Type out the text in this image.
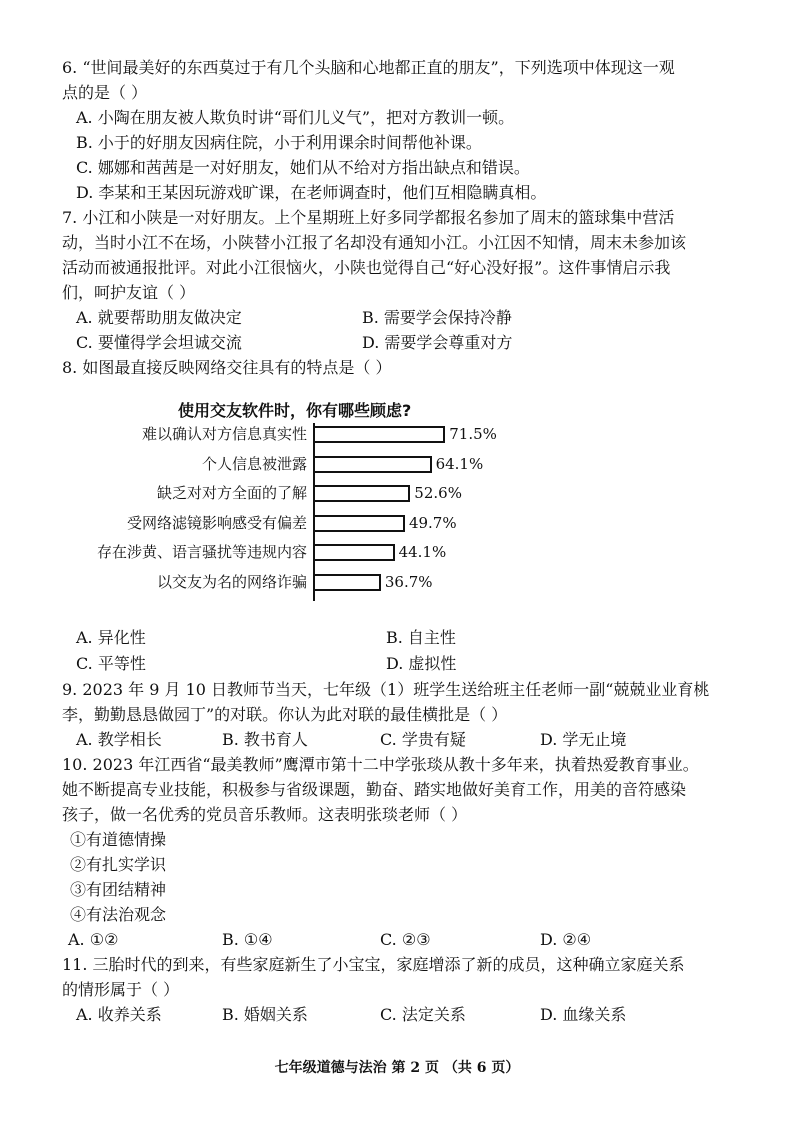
6. “世间最美好的东西莫过于有几个头脑和心地都正直的朋友”，下列选项中体现这一观
点的是（ ）
A. 小陶在朋友被人欺负时讲“哥们儿义气”，把对方教训一顿。
B. 小于的好朋友因病住院，小于利用课余时间帮他补课。
C. 娜娜和茜茜是一对好朋友，她们从不给对方指出缺点和错误。
D. 李某和王某因玩游戏旷课，在老师调查时，他们互相隐瞒真相。
7. 小江和小陕是一对好朋友。上个星期班上好多同学都报名参加了周末的篮球集中营活
动，当时小江不在场，小陕替小江报了名却没有通知小江。小江因不知情，周末未参加该
活动而被通报批评。对此小江很恼火，小陕也觉得自己“好心没好报”。这件事情启示我
们，呵护友谊（ ）
A. 就要帮助朋友做决定	B. 需要学会保持冷静
C. 要懂得学会坦诚交流	D. 需要学会尊重对方
8. 如图最直接反映网络交往具有的特点是（ ）
使用交友软件时，你有哪些顾虑?
难以确认对方信息真实性	71.5%
个人信息被泄露	64.1%
缺乏对对方全面的了解	52.6%
受网络滤镜影响感受有偏差	49.7%
存在涉黄、语言骚扰等违规内容	44.1%
以交友为名的网络诈骗	36.7%
A. 异化性	B. 自主性
C. 平等性	D. 虚拟性
9. 2023 年 9 月 10 日教师节当天，七年级（1）班学生送给班主任老师一副“兢兢业业育桃
李，勤勤恳恳做园丁”的对联。你认为此对联的最佳横批是（ ）
A. 教学相长	B. 教书育人	C. 学贵有疑	D. 学无止境
10. 2023 年江西省“最美教师”鹰潭市第十二中学张琰从教十多年来，执着热爱教育事业。
她不断提高专业技能，积极参与省级课题，勤奋、踏实地做好美育工作，用美的音符感染
孩子，做一名优秀的党员音乐教师。这表明张琰老师（ ）
①有道德情操
②有扎实学识
③有团结精神
④有法治观念
A. ①②	B. ①④	C. ②③	D. ②④
11. 三胎时代的到来，有些家庭新生了小宝宝，家庭增添了新的成员，这种确立家庭关系
的情形属于（ ）
A. 收养关系	B. 婚姻关系	C. 法定关系	D. 血缘关系
七年级道德与法治 第 2 页 （共 6 页）
